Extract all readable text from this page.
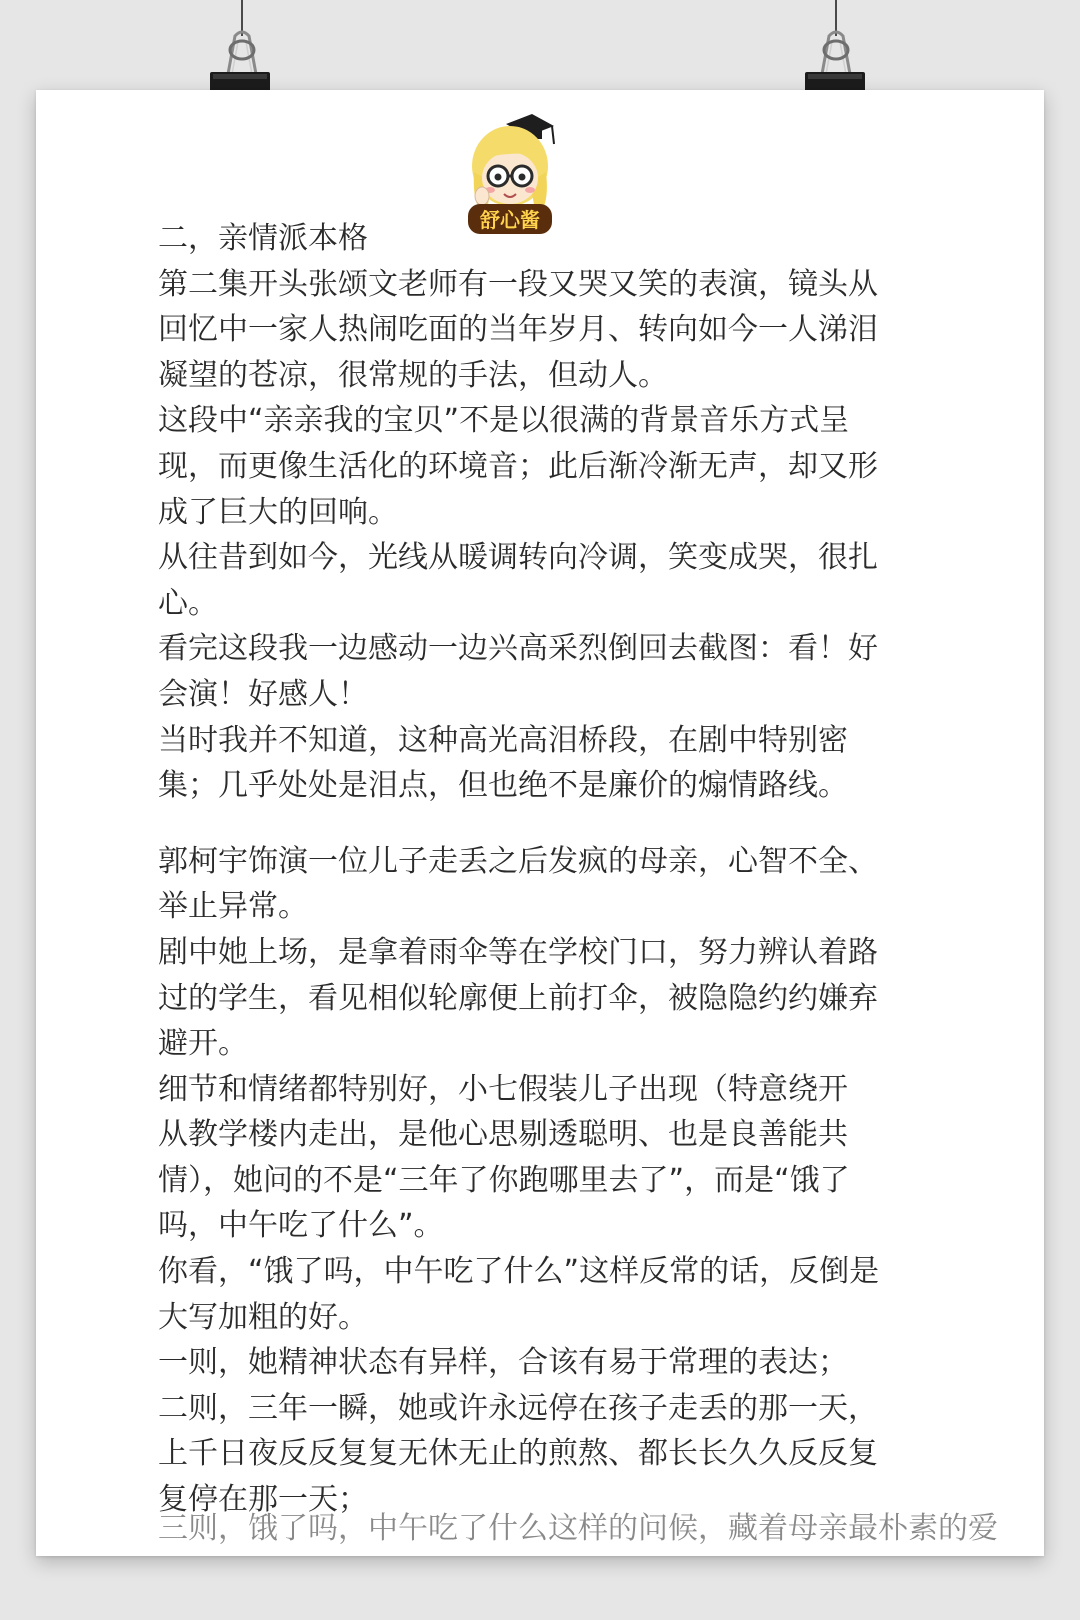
舒心酱
二，亲情派本格
第二集开头张颂文老师有一段又哭又笑的表演，镜头从
回忆中一家人热闹吃面的当年岁月、转向如今一人涕泪
凝望的苍凉，很常规的手法，但动人。
这段中“亲亲我的宝贝”不是以很满的背景音乐方式呈
现，而更像生活化的环境音；此后渐冷渐无声，却又形
成了巨大的回响。
从往昔到如今，光线从暖调转向冷调，笑变成哭，很扎
心。
看完这段我一边感动一边兴高采烈倒回去截图：看！好
会演！好感人！
当时我并不知道，这种高光高泪桥段，在剧中特别密
集；几乎处处是泪点，但也绝不是廉价的煽情路线。
郭柯宇饰演一位儿子走丢之后发疯的母亲，心智不全、
举止异常。
剧中她上场，是拿着雨伞等在学校门口，努力辨认着路
过的学生，看见相似轮廓便上前打伞，被隐隐约约嫌弃
避开。
细节和情绪都特别好，小七假装儿子出现（特意绕开
从教学楼内走出，是他心思剔透聪明、也是良善能共
情），她问的不是“三年了你跑哪里去了”，而是“饿了
吗，中午吃了什么”。
你看，“饿了吗，中午吃了什么”这样反常的话，反倒是
大写加粗的好。
一则，她精神状态有异样，合该有易于常理的表达；
二则，三年一瞬，她或许永远停在孩子走丢的那一天，
上千日夜反反复复无休无止的煎熬、都长长久久反反复
复停在那一天；
三则，饿了吗，中午吃了什么这样的问候，藏着母亲最朴素的爱
